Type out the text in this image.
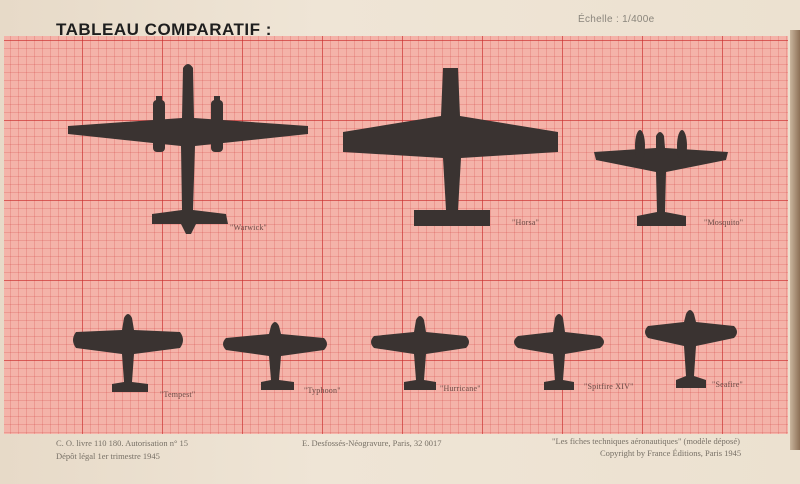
TABLEAU COMPARATIF :
Échelle : 1/400e
"Warwick"
"Horsa"	"Mosquito"
"Tempest"	"Typhoon"	"Hurricane"	"Spitfire XIV"	"Seafire"
C. O. livre 110 180. Autorisation n° 15
Dépôt légal 1er trimestre 1945
E. Desfossés-Néogravure, Paris, 32 0017	"Les fiches techniques aéronautiques" (modèle déposé)
Copyright by France Éditions, Paris 1945
